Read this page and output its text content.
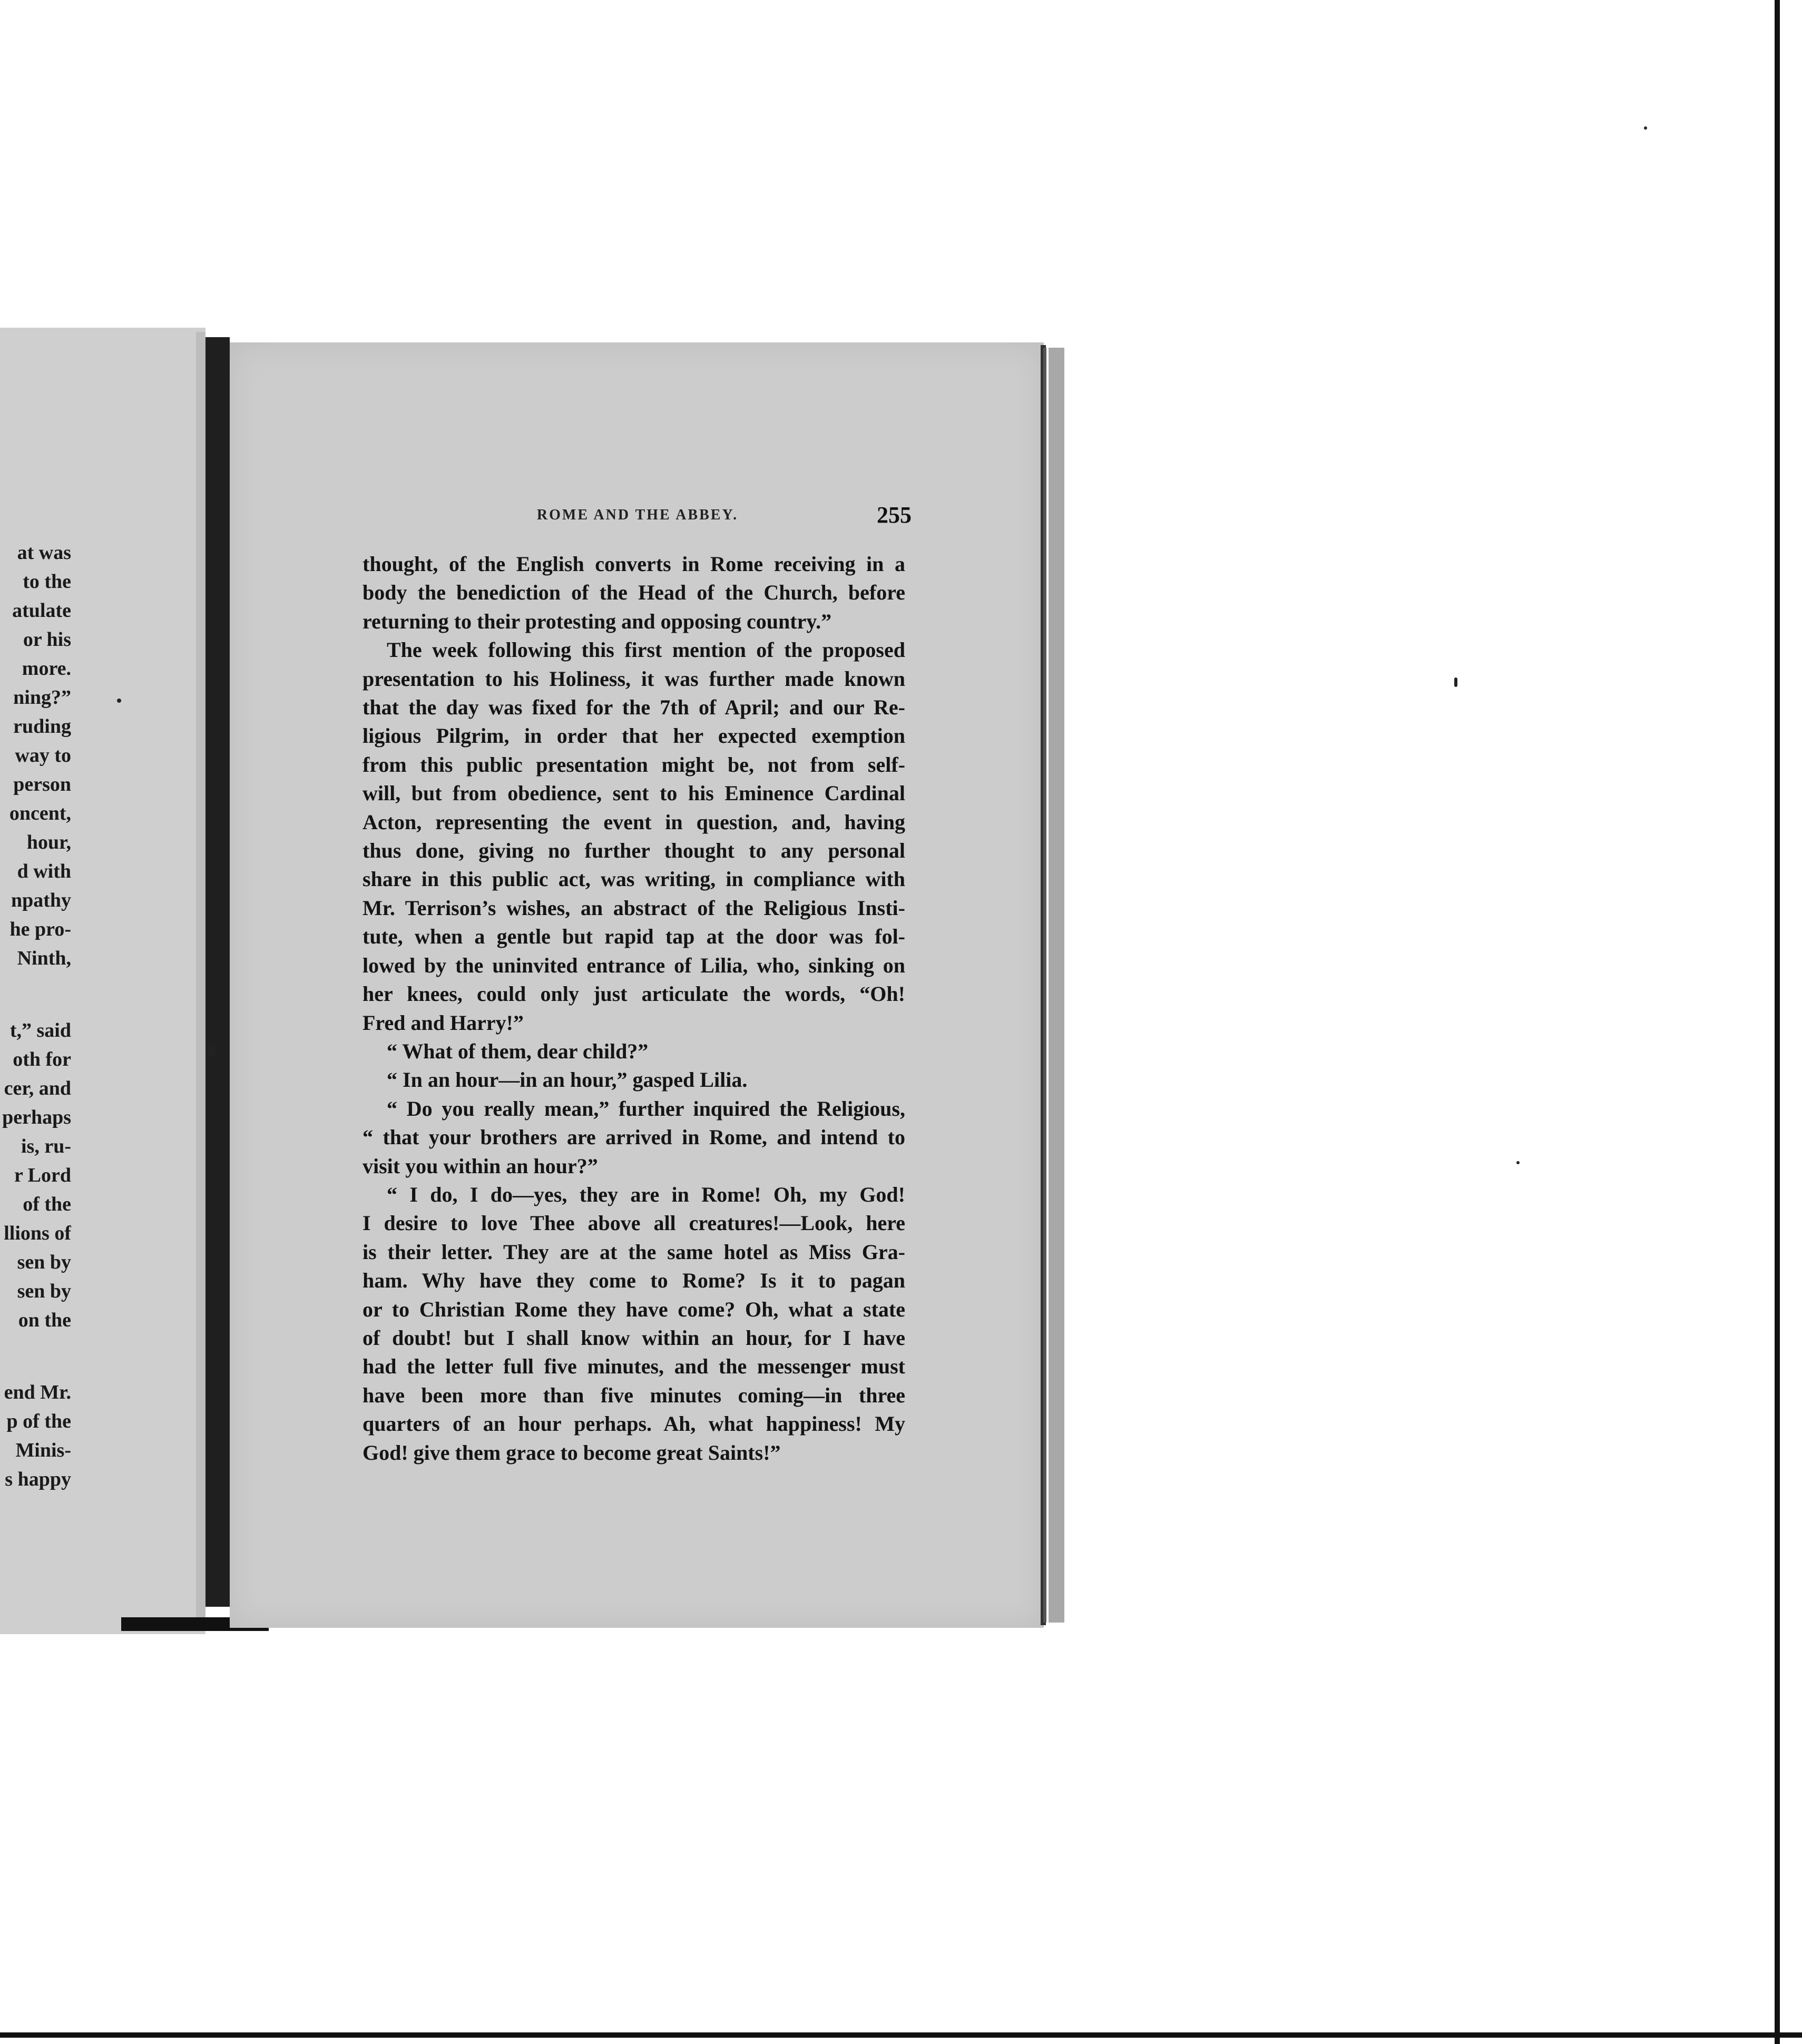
at was
to the
atulate
or his
more.
ning?”
ruding
way to
person
oncent,
hour,
d with
npathy
he pro-
Ninth,
t,” said
oth for
cer, and
perhaps
is, ru-
r Lord
of the
llions of
sen by
sen by
on the
end Mr.
p of the
Minis-
s happy
ROME AND THE ABBEY.	255
thought, of the English converts in Rome receiving in a
body the benediction of the Head of the Church, before
returning to their protesting and opposing country.”
The week following this first mention of the proposed
presentation to his Holiness, it was further made known
that the day was fixed for the 7th of April; and our Re-
ligious Pilgrim, in order that her expected exemption
from this public presentation might be, not from self-
will, but from obedience, sent to his Eminence Cardinal
Acton, representing the event in question, and, having
thus done, giving no further thought to any personal
share in this public act, was writing, in compliance with
Mr. Terrison’s wishes, an abstract of the Religious Insti-
tute, when a gentle but rapid tap at the door was fol-
lowed by the uninvited entrance of Lilia, who, sinking on
her knees, could only just articulate the words, “Oh!
Fred and Harry!”
“ What of them, dear child?”
“ In an hour—in an hour,” gasped Lilia.
“ Do you really mean,” further inquired the Religious,
“ that your brothers are arrived in Rome, and intend to
visit you within an hour?”
“ I do, I do—yes, they are in Rome! Oh, my God!
I desire to love Thee above all creatures!—Look, here
is their letter. They are at the same hotel as Miss Gra-
ham. Why have they come to Rome? Is it to pagan
or to Christian Rome they have come? Oh, what a state
of doubt! but I shall know within an hour, for I have
had the letter full five minutes, and the messenger must
have been more than five minutes coming—in three
quarters of an hour perhaps. Ah, what happiness! My
God! give them grace to become great Saints!”
